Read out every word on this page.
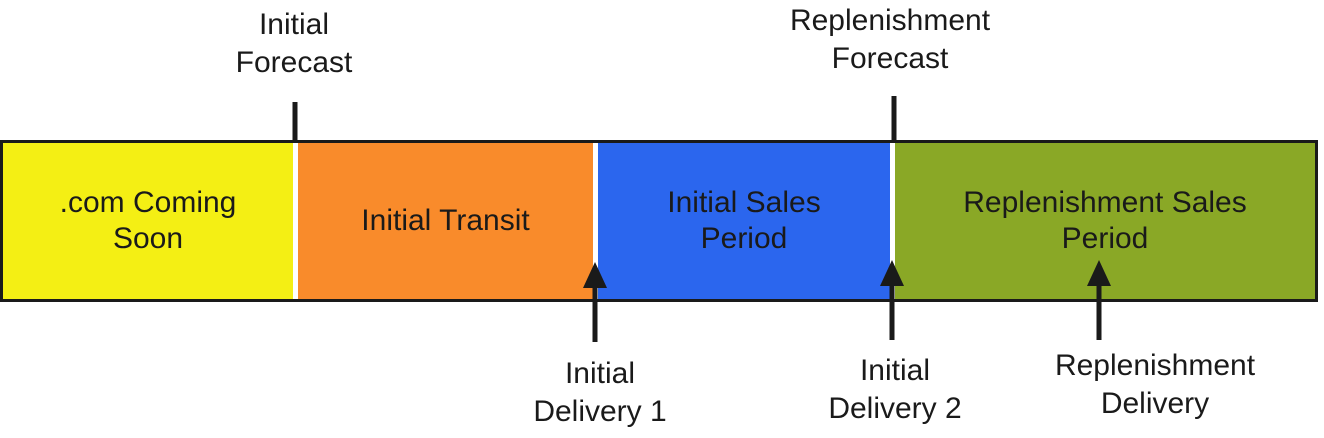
Initial
Forecast
Replenishment
Forecast
.com Coming
Soon
Initial Transit
Initial Sales
Period
Replenishment Sales
Period
Initial
Delivery 1
Initial
Delivery 2
Replenishment
Delivery
